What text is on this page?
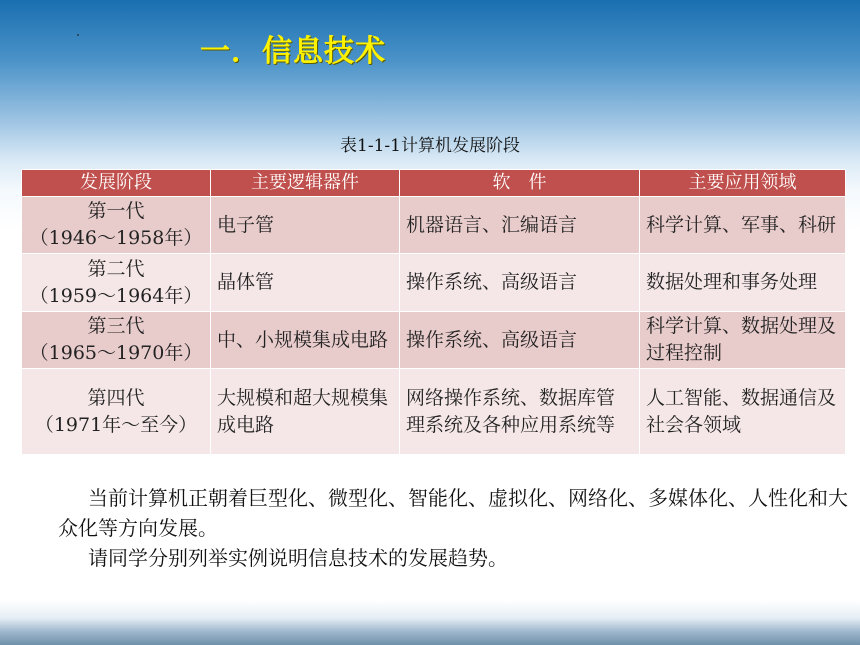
一．信息技术
表1-1-1计算机发展阶段
发展阶段	主要逻辑器件	软　件	主要应用领域

第一代
（1946～1958年）	电子管	机器语言、汇编语言	科学计算、军事、科研

第二代
（1959～1964年）	晶体管	操作系统、高级语言	数据处理和事务处理

第三代
（1965～1970年）	中、小规模集成电路	操作系统、高级语言	科学计算、数据处理及过程控制

第四代
（1971年～至今）	大规模和超大规模集成电路	网络操作系统、数据库管理系统及各种应用系统等	人工智能、数据通信及社会各领域
当前计算机正朝着巨型化、微型化、智能化、虚拟化、网络化、多媒体化、人性化和大众化等方向发展。
请同学分别列举实例说明信息技术的发展趋势。
